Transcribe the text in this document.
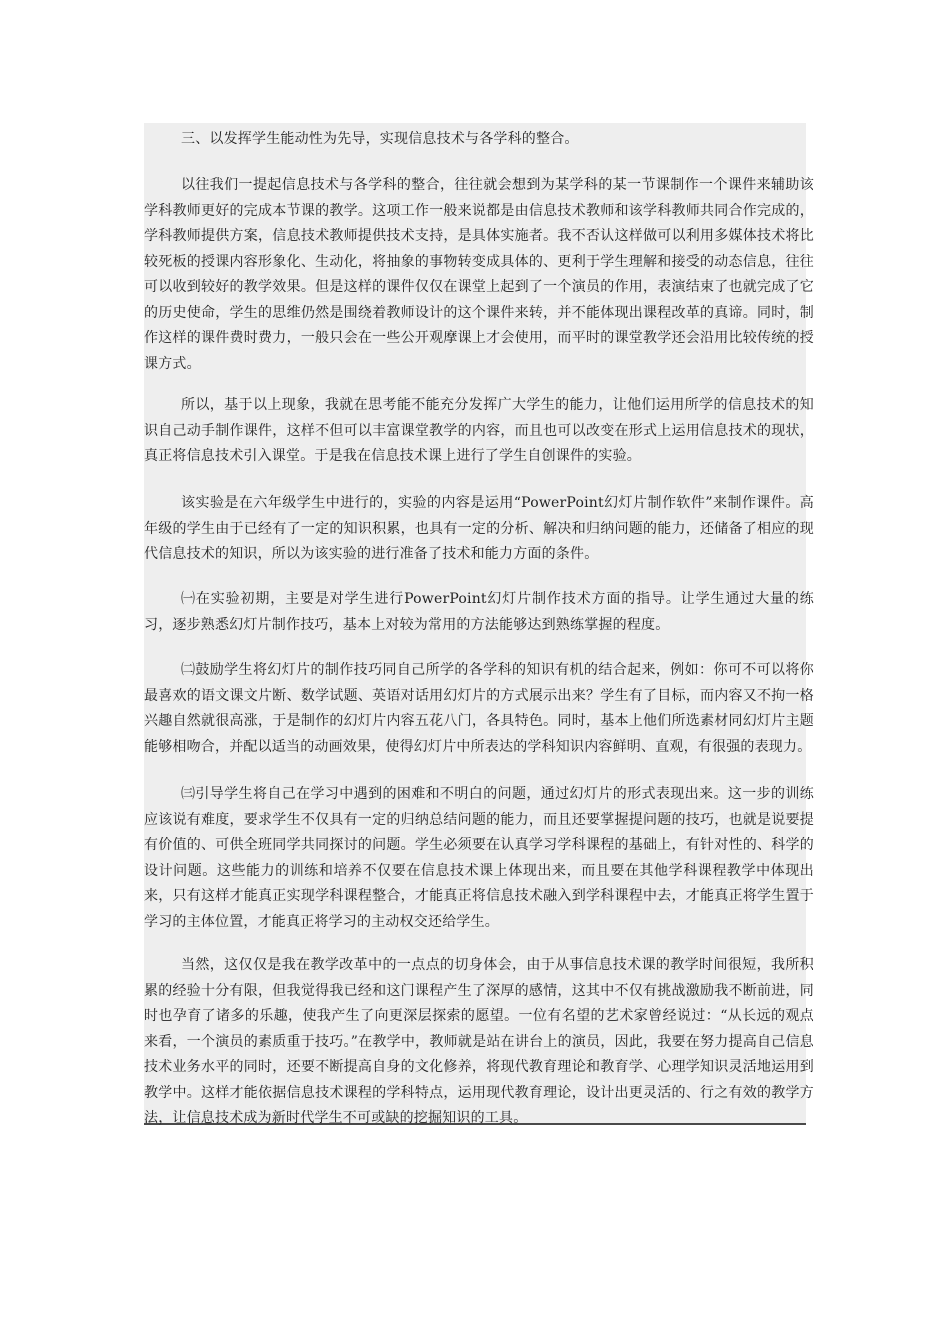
三、以发挥学生能动性为先导，实现信息技术与各学科的整合。

以往我们一提起信息技术与各学科的整合，往往就会想到为某学科的某一节课制作一个课件来辅助该学科教师更好的完成本节课的教学。这项工作一般来说都是由信息技术教师和该学科教师共同合作完成的，学科教师提供方案，信息技术教师提供技术支持，是具体实施者。我不否认这样做可以利用多媒体技术将比较死板的授课内容形象化、生动化，将抽象的事物转变成具体的、更利于学生理解和接受的动态信息，往往可以收到较好的教学效果。但是这样的课件仅仅在课堂上起到了一个演员的作用，表演结束了也就完成了它的历史使命，学生的思维仍然是围绕着教师设计的这个课件来转，并不能体现出课程改革的真谛。同时，制作这样的课件费时费力，一般只会在一些公开观摩课上才会使用，而平时的课堂教学还会沿用比较传统的授课方式。

所以，基于以上现象，我就在思考能不能充分发挥广大学生的能力，让他们运用所学的信息技术的知识自己动手制作课件，这样不但可以丰富课堂教学的内容，而且也可以改变在形式上运用信息技术的现状，真正将信息技术引入课堂。于是我在信息技术课上进行了学生自创课件的实验。

该实验是在六年级学生中进行的，实验的内容是运用“PowerPoint幻灯片制作软件”来制作课件。高年级的学生由于已经有了一定的知识积累，也具有一定的分析、解决和归纳问题的能力，还储备了相应的现代信息技术的知识，所以为该实验的进行准备了技术和能力方面的条件。

㈠在实验初期，主要是对学生进行PowerPoint幻灯片制作技术方面的指导。让学生通过大量的练习，逐步熟悉幻灯片制作技巧，基本上对较为常用的方法能够达到熟练掌握的程度。

㈡鼓励学生将幻灯片的制作技巧同自己所学的各学科的知识有机的结合起来，例如：你可不可以将你最喜欢的语文课文片断、数学试题、英语对话用幻灯片的方式展示出来？学生有了目标，而内容又不拘一格兴趣自然就很高涨，于是制作的幻灯片内容五花八门，各具特色。同时，基本上他们所选素材同幻灯片主题能够相吻合，并配以适当的动画效果，使得幻灯片中所表达的学科知识内容鲜明、直观，有很强的表现力。

㈢引导学生将自己在学习中遇到的困难和不明白的问题，通过幻灯片的形式表现出来。这一步的训练应该说有难度，要求学生不仅具有一定的归纳总结问题的能力，而且还要掌握提问题的技巧，也就是说要提有价值的、可供全班同学共同探讨的问题。学生必须要在认真学习学科课程的基础上，有针对性的、科学的设计问题。这些能力的训练和培养不仅要在信息技术课上体现出来，而且要在其他学科课程教学中体现出来，只有这样才能真正实现学科课程整合，才能真正将信息技术融入到学科课程中去，才能真正将学生置于学习的主体位置，才能真正将学习的主动权交还给学生。

当然，这仅仅是我在教学改革中的一点点的切身体会，由于从事信息技术课的教学时间很短，我所积累的经验十分有限，但我觉得我已经和这门课程产生了深厚的感情，这其中不仅有挑战激励我不断前进，同时也孕育了诸多的乐趣，使我产生了向更深层探索的愿望。一位有名望的艺术家曾经说过：“从长远的观点来看，一个演员的素质重于技巧。”在教学中，教师就是站在讲台上的演员，因此，我要在努力提高自己信息技术业务水平的同时，还要不断提高自身的文化修养，将现代教育理论和教育学、心理学知识灵活地运用到教学中。这样才能依据信息技术课程的学科特点，运用现代教育理论，设计出更灵活的、行之有效的教学方法，让信息技术成为新时代学生不可或缺的挖掘知识的工具。
